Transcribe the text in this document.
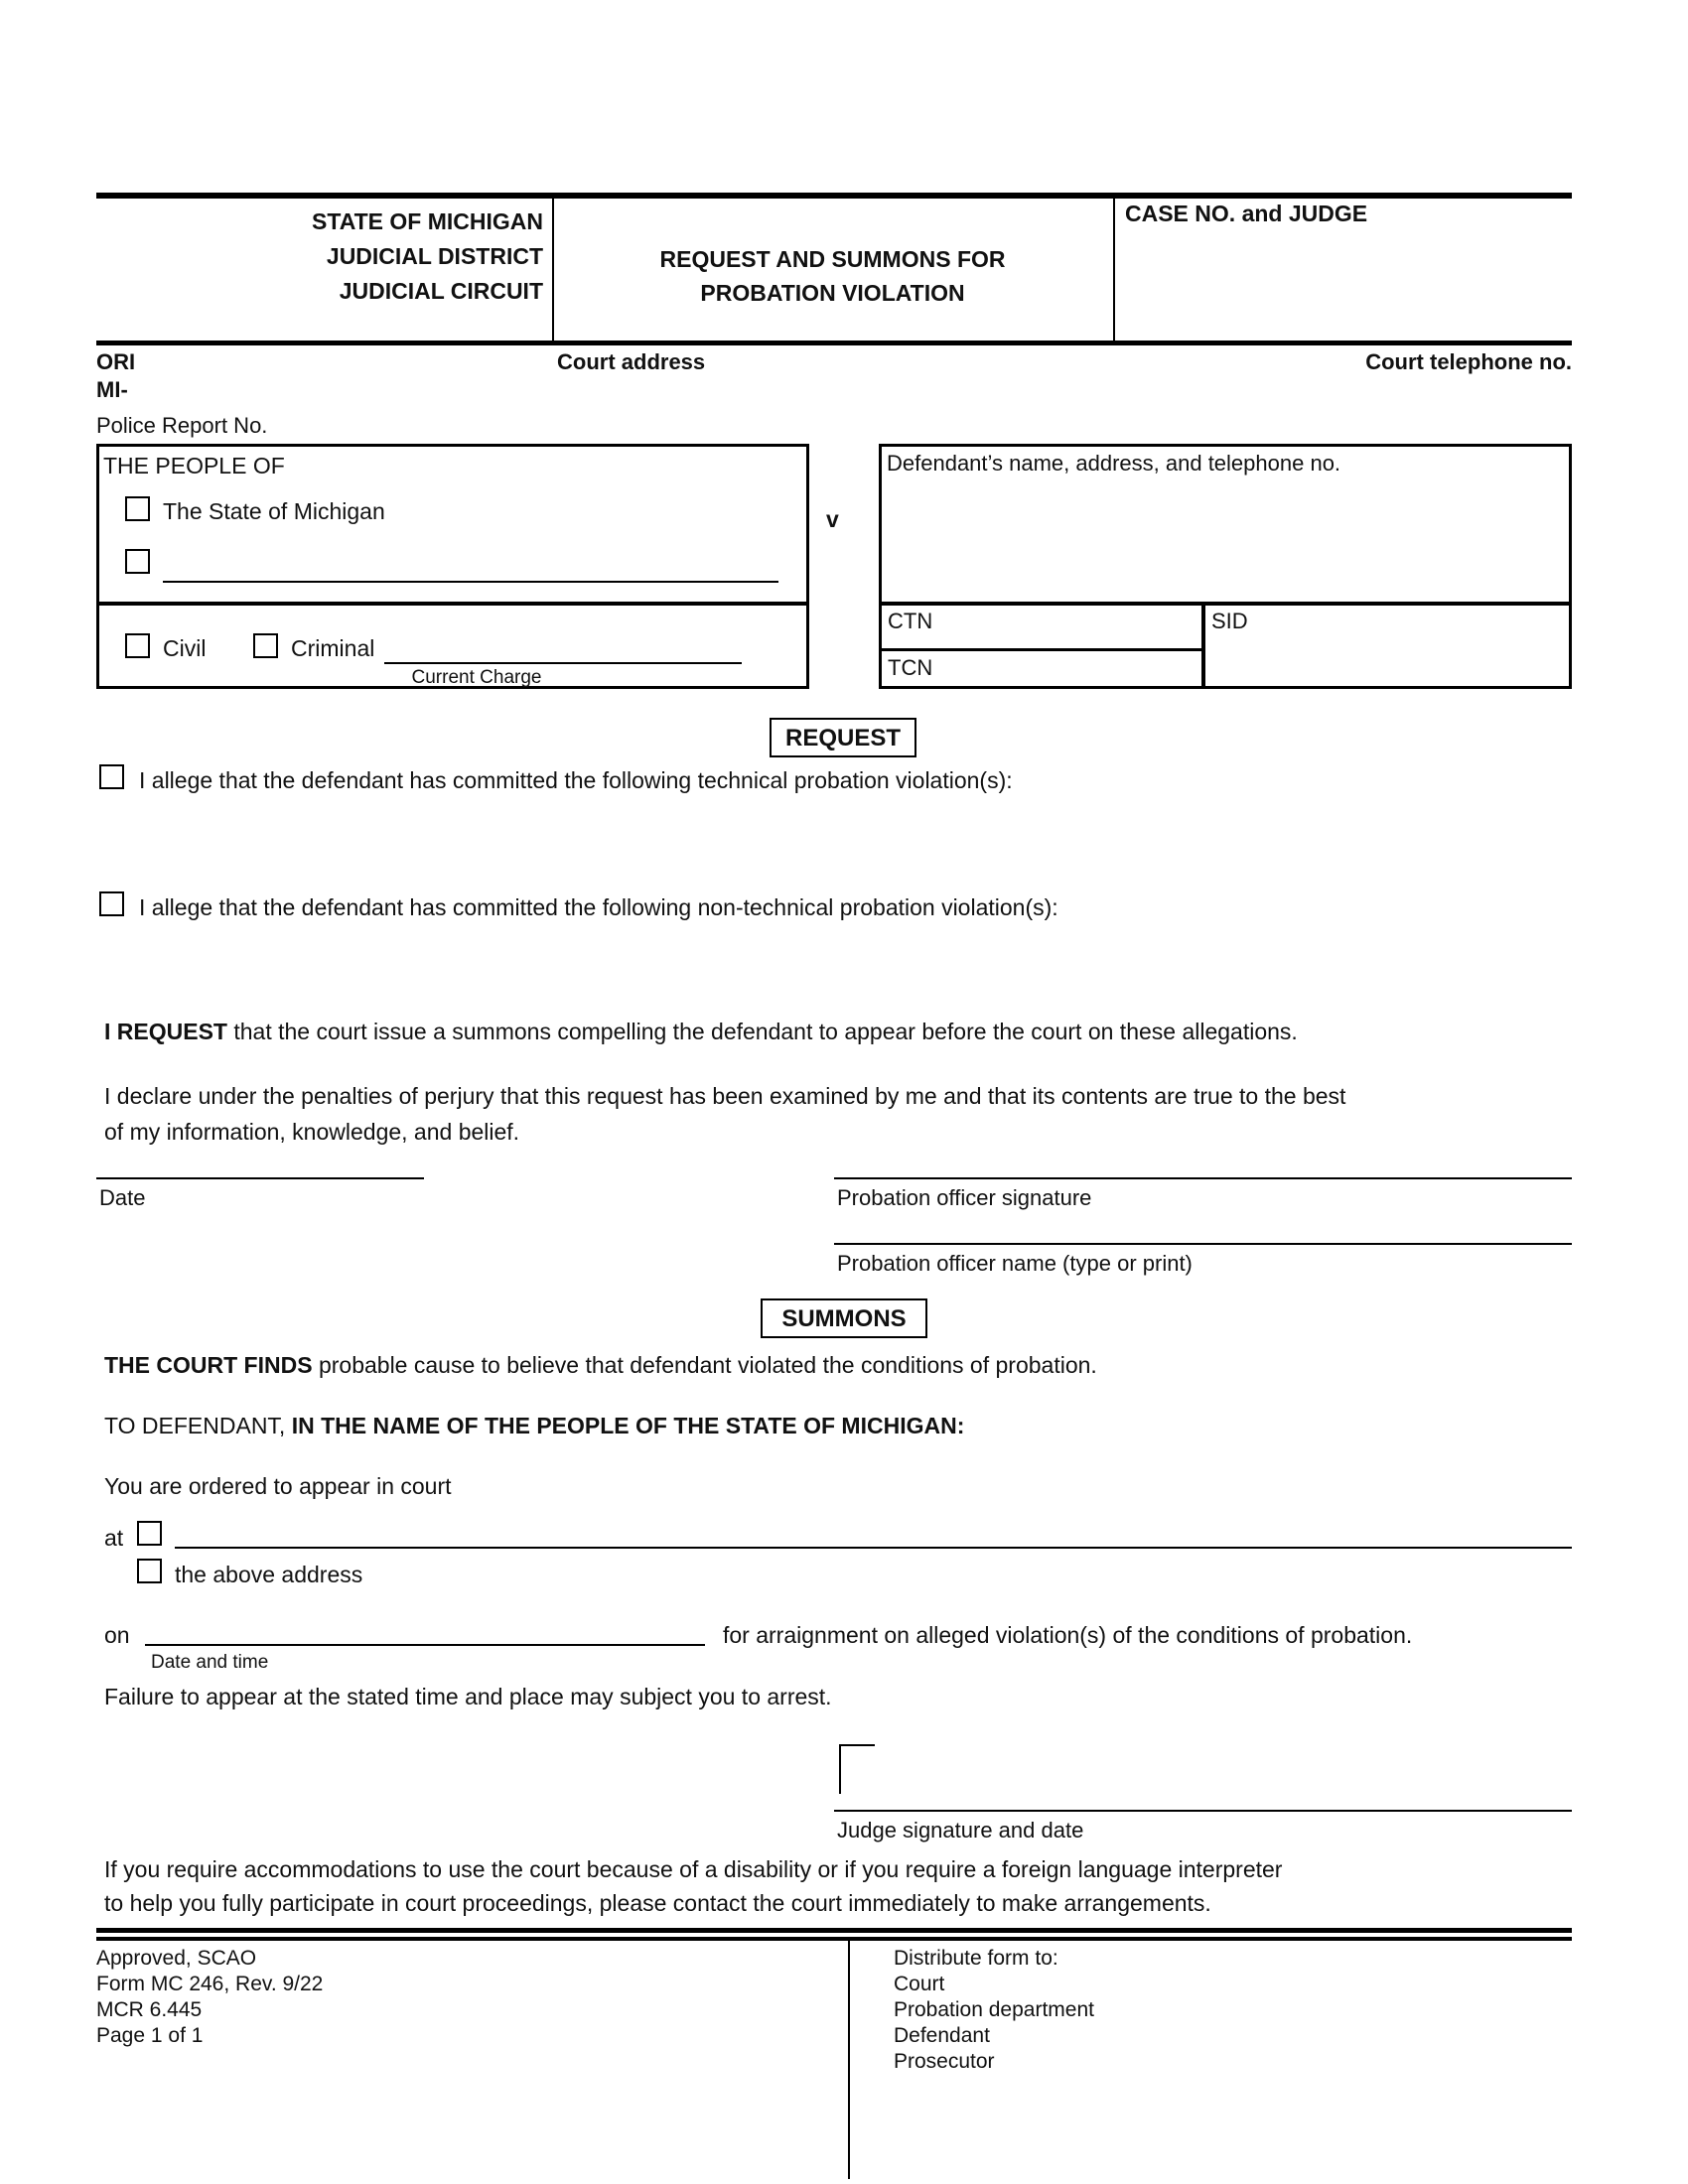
STATE OF MICHIGAN
JUDICIAL DISTRICT
JUDICIAL CIRCUIT
REQUEST AND SUMMONS FOR
PROBATION VIOLATION
CASE NO. and JUDGE
ORI
MI-
Court address	Court telephone no.
Police Report No.
THE PEOPLE OF
The State of Michigan
Civil	Criminal
Current Charge
v
Defendant’s name, address, and telephone no.
CTN
TCN
SID
REQUEST
I allege that the defendant has committed the following technical probation violation(s):
I allege that the defendant has committed the following non-technical probation violation(s):
I REQUEST that the court issue a summons compelling the defendant to appear before the court on these allegations.
I declare under the penalties of perjury that this request has been examined by me and that its contents are true to the best
of my information, knowledge, and belief.
Date	Probation officer signature
Probation officer name (type or print)
SUMMONS
THE COURT FINDS probable cause to believe that defendant violated the conditions of probation.
TO DEFENDANT, IN THE NAME OF THE PEOPLE OF THE STATE OF MICHIGAN:
You are ordered to appear in court
at
the above address
on	for arraignment on alleged violation(s) of the conditions of probation.
Date and time
Failure to appear at the stated time and place may subject you to arrest.
Judge signature and date
If you require accommodations to use the court because of a disability or if you require a foreign language interpreter
to help you fully participate in court proceedings, please contact the court immediately to make arrangements.
Approved, SCAO
Form MC 246, Rev. 9/22
MCR 6.445
Page 1 of 1
Distribute form to:
Court
Probation department
Defendant
Prosecutor
